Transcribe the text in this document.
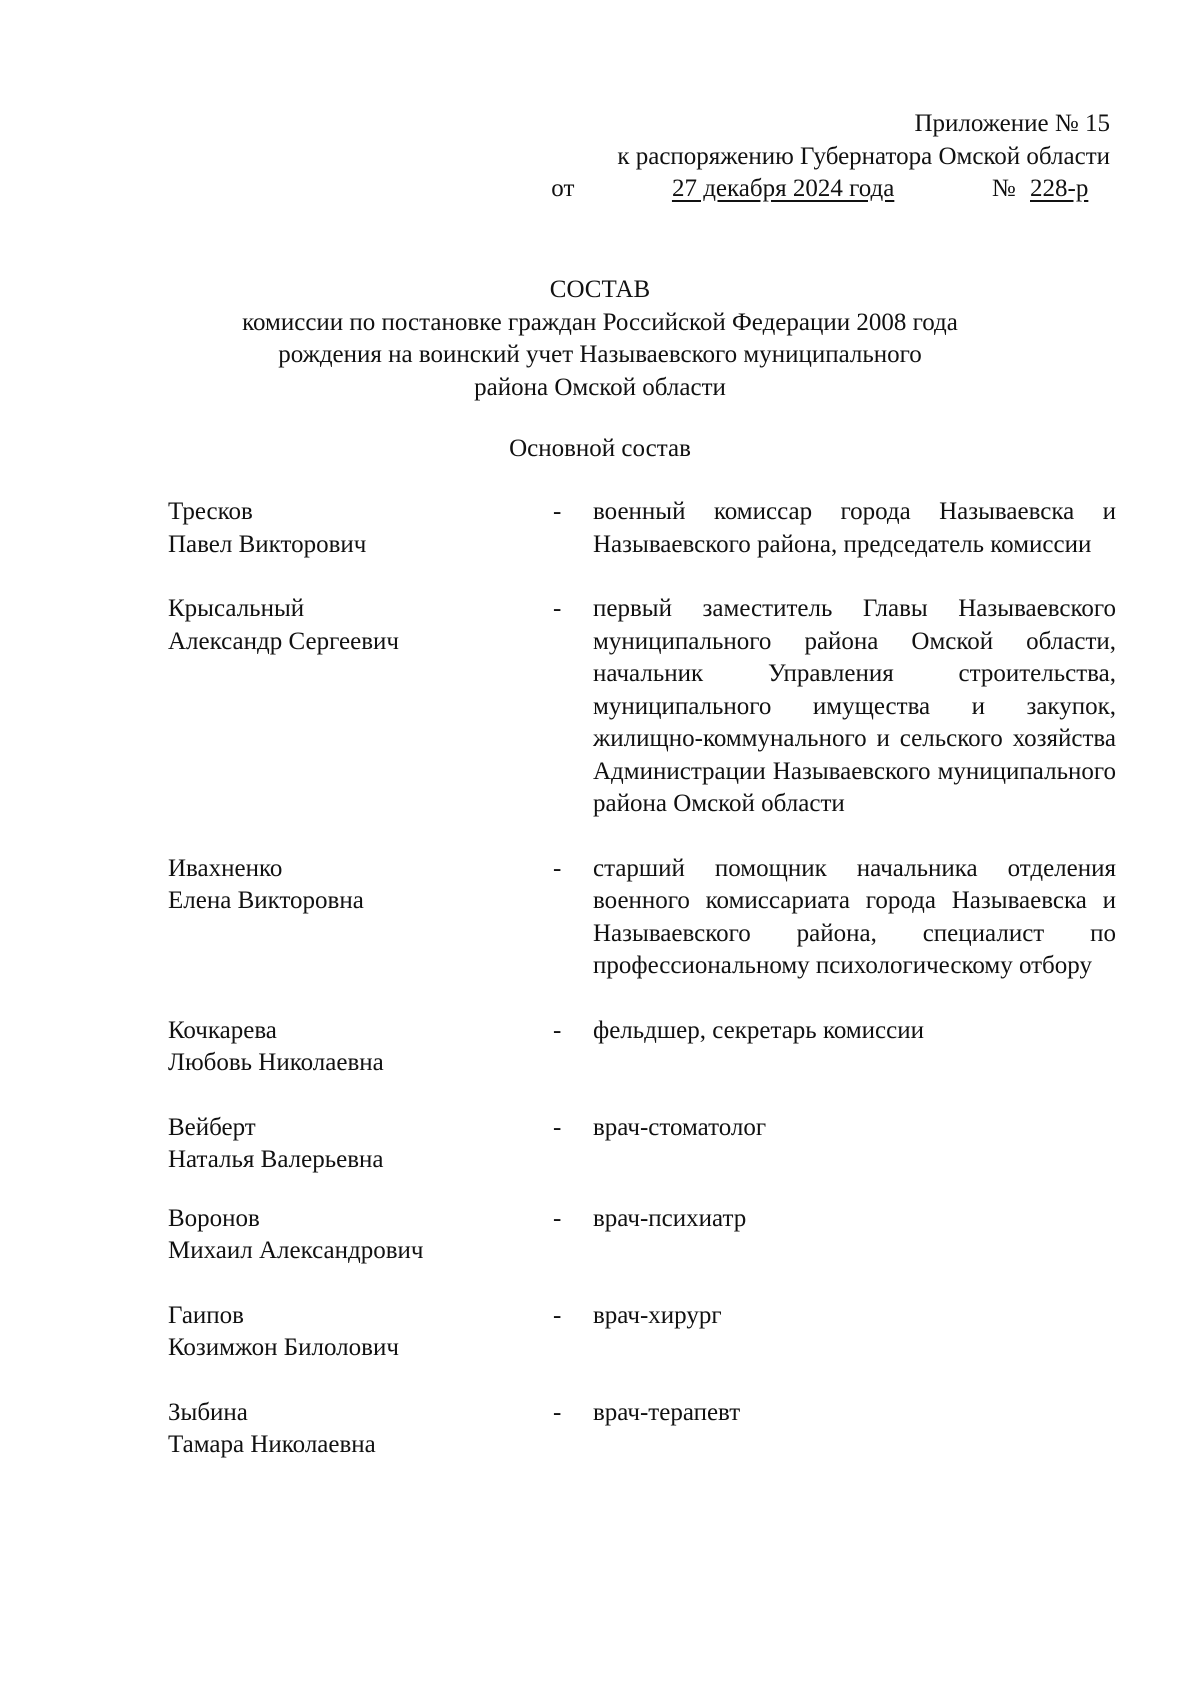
Приложение № 15
к распоряжению Губернатора Омской области
от	27 декабря 2024 года	№ 228-р
СОСТАВ
комиссии по постановке граждан Российской Федерации 2008 года
рождения на воинский учет Называевского муниципального
района Омской области
Основной состав
Тресков
Павел Викторович
-	военный комиссар города Называевска и Называевского района, председатель комиссии
Крысальный
Александр Сергеевич
-	первый заместитель Главы Называевского муниципального района Омской области, начальник Управления строительства, муниципального имущества и закупок, жилищно-коммунального и сельского хозяйства Администрации Называевского муниципального района Омской области
Ивахненко
Елена Викторовна
-	старший помощник начальника отделения военного комиссариата города Называевска и Называевского района, специалист по профессиональному психологическому отбору
Кочкарева
Любовь Николаевна
-	фельдшер, секретарь комиссии
Вейберт
Наталья Валерьевна
-	врач-стоматолог
Воронов
Михаил Александрович
-	врач-психиатр
Гаипов
Козимжон Билолович
-	врач-хирург
Зыбина
Тамара Николаевна
-	врач-терапевт
